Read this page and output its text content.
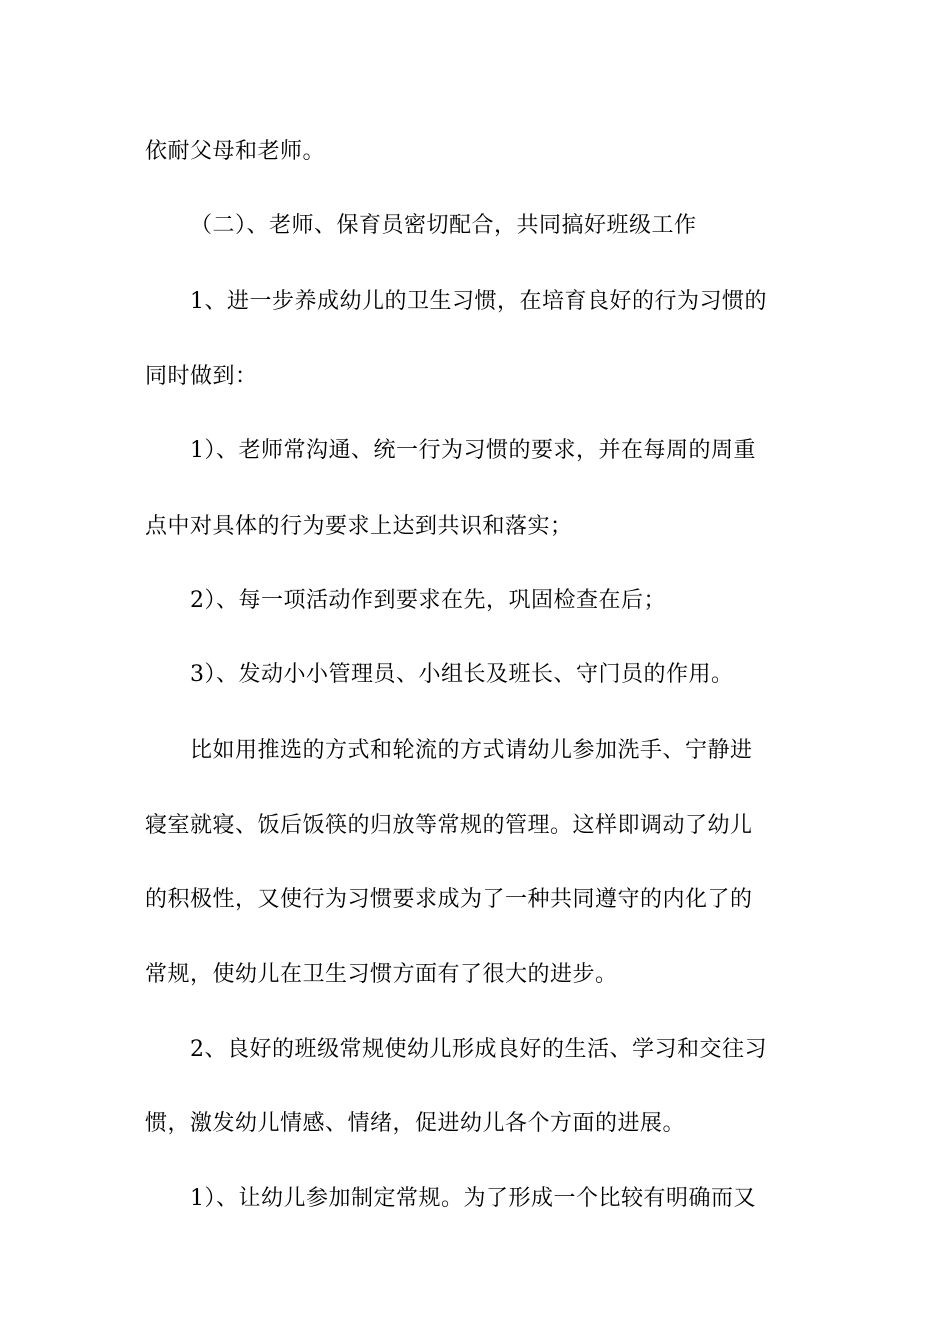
依耐父母和老师。
（二）、老师、保育员密切配合，共同搞好班级工作
1、进一步养成幼儿的卫生习惯，在培育良好的行为习惯的
同时做到：
1）、老师常沟通、统一行为习惯的要求，并在每周的周重
点中对具体的行为要求上达到共识和落实；
2）、每一项活动作到要求在先，巩固检查在后；
3）、发动小小管理员、小组长及班长、守门员的作用。
比如用推选的方式和轮流的方式请幼儿参加洗手、宁静进
寝室就寝、饭后饭筷的归放等常规的管理。这样即调动了幼儿
的积极性，又使行为习惯要求成为了一种共同遵守的内化了的
常规，使幼儿在卫生习惯方面有了很大的进步。
2、良好的班级常规使幼儿形成良好的生活、学习和交往习
惯，激发幼儿情感、情绪，促进幼儿各个方面的进展。
1）、让幼儿参加制定常规。为了形成一个比较有明确而又
